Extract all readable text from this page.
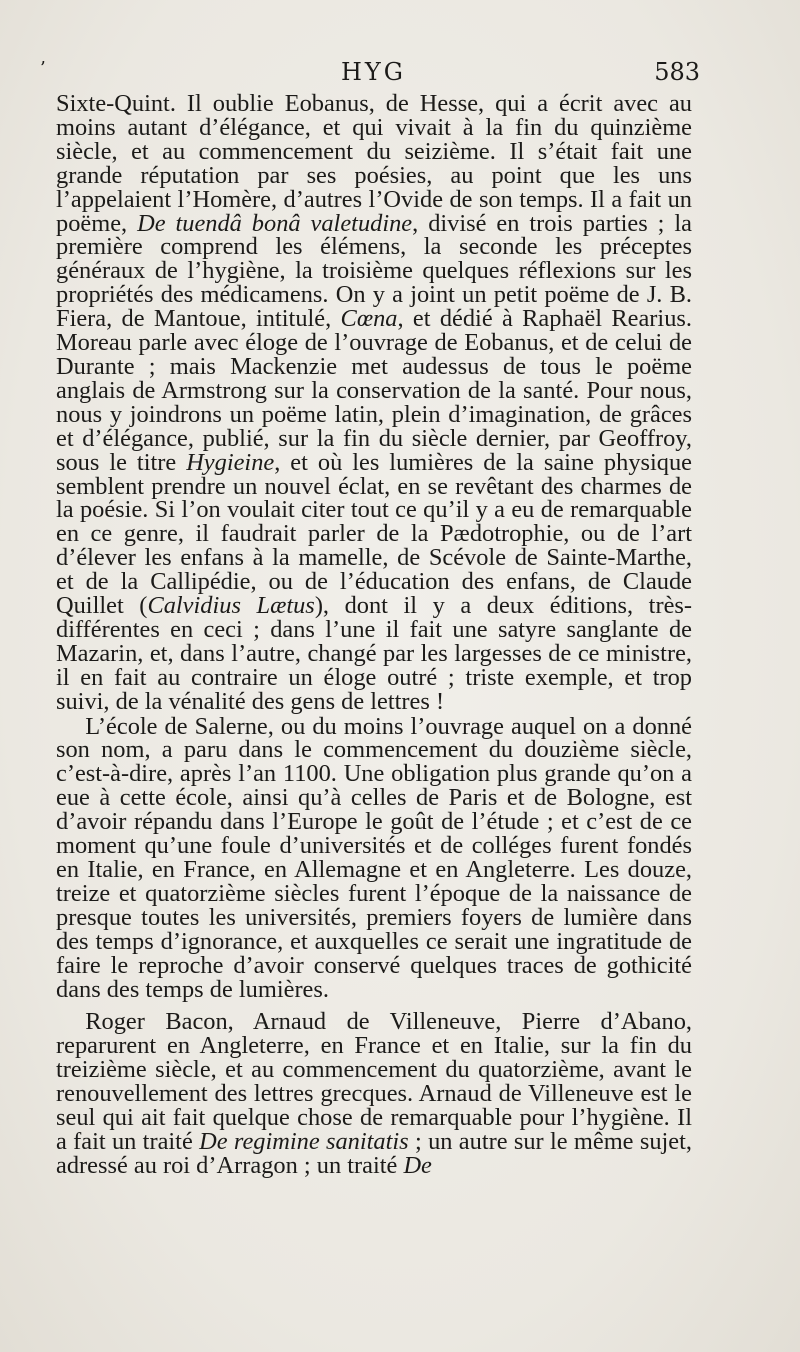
’	HYG	583

Sixte-Quint. Il oublie Eobanus, de Hesse, qui a écrit avec au moins autant d’élégance, et qui vivait à la fin du quinzième siècle, et au commencement du seizième. Il s’était fait une grande réputation par ses poésies, au point que les uns l’appelaient l’Homère, d’autres l’Ovide de son temps. Il a fait un poëme, De tuendâ bonâ valetudine, divisé en trois parties ; la première comprend les élémens, la seconde les préceptes généraux de l’hygiène, la troisième quelques réflexions sur les propriétés des médicamens. On y a joint un petit poëme de J. B. Fiera, de Mantoue, intitulé, Cœna, et dédié à Raphaël Rearius. Moreau parle avec éloge de l’ouvrage de Eobanus, et de celui de Durante ; mais Mackenzie met audessus de tous le poëme anglais de Armstrong sur la conservation de la santé. Pour nous, nous y joindrons un poëme latin, plein d’imagination, de grâces et d’élégance, publié, sur la fin du siècle dernier, par Geoffroy, sous le titre Hygieine, et où les lumières de la saine physique semblent prendre un nouvel éclat, en se revêtant des charmes de la poésie. Si l’on voulait citer tout ce qu’il y a eu de remarquable en ce genre, il faudrait parler de la Pædotrophie, ou de l’art d’élever les enfans à la mamelle, de Scévole de Sainte-Marthe, et de la Callipédie, ou de l’éducation des enfans, de Claude Quillet (Calvidius Lætus), dont il y a deux éditions, très-différentes en ceci ; dans l’une il fait une satyre sanglante de Mazarin, et, dans l’autre, changé par les largesses de ce ministre, il en fait au contraire un éloge outré ; triste exemple, et trop suivi, de la vénalité des gens de lettres !

L’école de Salerne, ou du moins l’ouvrage auquel on a donné son nom, a paru dans le commencement du douzième siècle, c’est-à-dire, après l’an 1100. Une obligation plus grande qu’on a eue à cette école, ainsi qu’à celles de Paris et de Bologne, est d’avoir répandu dans l’Europe le goût de l’étude ; et c’est de ce moment qu’une foule d’universités et de colléges furent fondés en Italie, en France, en Allemagne et en Angleterre. Les douze, treize et quatorzième siècles furent l’époque de la naissance de presque toutes les universités, premiers foyers de lumière dans des temps d’ignorance, et auxquelles ce serait une ingratitude de faire le reproche d’avoir conservé quelques traces de gothicité dans des temps de lumières.

Roger Bacon, Arnaud de Villeneuve, Pierre d’Abano, reparurent en Angleterre, en France et en Italie, sur la fin du treizième siècle, et au commencement du quatorzième, avant le renouvellement des lettres grecques. Arnaud de Villeneuve est le seul qui ait fait quelque chose de remarquable pour l’hygiène. Il a fait un traité De regimine sanitatis ; un autre sur le même sujet, adressé au roi d’Arragon ; un traité De
